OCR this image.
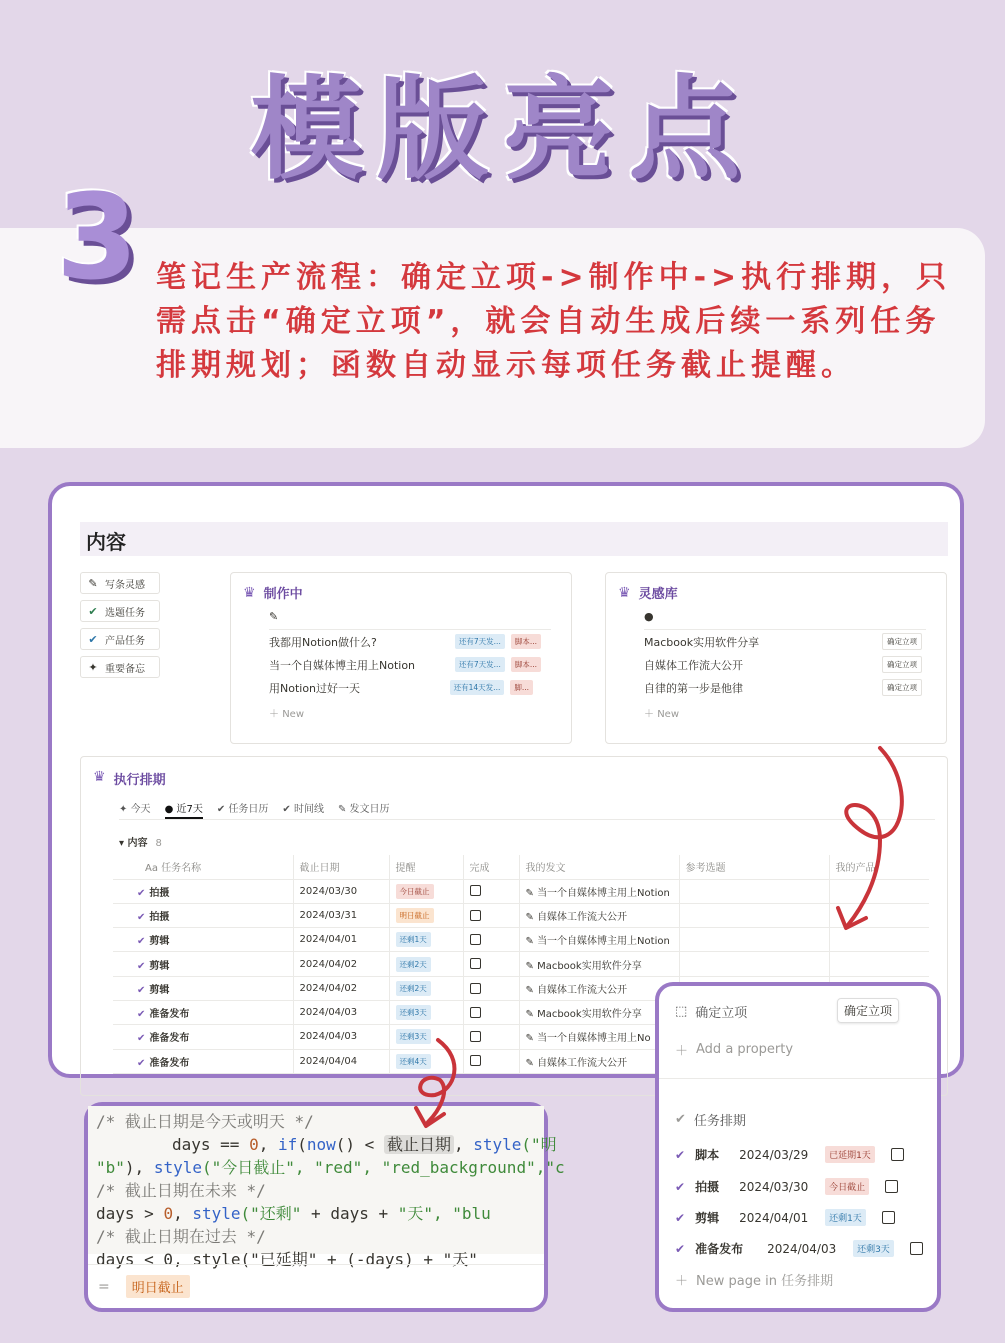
模版亮点
3 笔记生产流程：确定立项->制作中->执行排期，只需点击“确定立项”，就会自动生成后续一系列任务排期规划；函数自动显示每项任务截止提醒。
内容
✎ 写条灵感
✔ 选题任务
✔ 产品任务
✦ 重要备忘
♛ 制作中
✎
我都用Notion做什么?	还有7天发...	脚本...
当一个自媒体博主用上Notion	还有7天发...	脚本...
用Notion过好一天	还有14天发...	脚...
＋ New
♛ 灵感库
●
Macbook实用软件分享	确定立项
自媒体工作流大公开	确定立项
自律的第一步是他律	确定立项
＋ New
♛ 执行排期
✦ 今天 ● 近7天 ✔ 任务日历 ✔ 时间线 ✎ 发文日历
▾ 内容 8
Aa 任务名称	截止日期	提醒	完成	我的发文	参考选题	我的产品
✔ 拍摄	2024/03/30	今日截止		✎ 当一个自媒体博主用上Notion		
✔ 拍摄	2024/03/31	明日截止		✎ 自媒体工作流大公开		
✔ 剪辑	2024/04/01	还剩1天		✎ 当一个自媒体博主用上Notion		
✔ 剪辑	2024/04/02	还剩2天		✎ Macbook实用软件分享		
✔ 剪辑	2024/04/02	还剩2天		✎ 自媒体工作流大公开		
✔ 准备发布	2024/04/03	还剩3天		✎ Macbook实用软件分享		
✔ 准备发布	2024/04/03	还剩3天		✎ 当一个自媒体博主用上No		
✔ 准备发布	2024/04/04	还剩4天		✎ 自媒体工作流大公开		
/* 截止日期是今天或明天 */
days == 0, if(now() < 截止日期 , style("明
"b"), style("今日截止", "red", "red_background","c
/* 截止日期在未来 */
days > 0, style("还剩" + days + "天", "blu
/* 截止日期在过去 */
days < 0, style("已延期" + (-days) + "天"
=	明日截止
⬚ 确定立项	确定立项
＋ Add a property
✔ 任务排期
✔ 脚本	2024/03/29	已延期1天
✔ 拍摄	2024/03/30	今日截止
✔ 剪辑	2024/04/01	还剩1天
✔ 准备发布	2024/04/03	还剩3天
＋ New page in 任务排期
